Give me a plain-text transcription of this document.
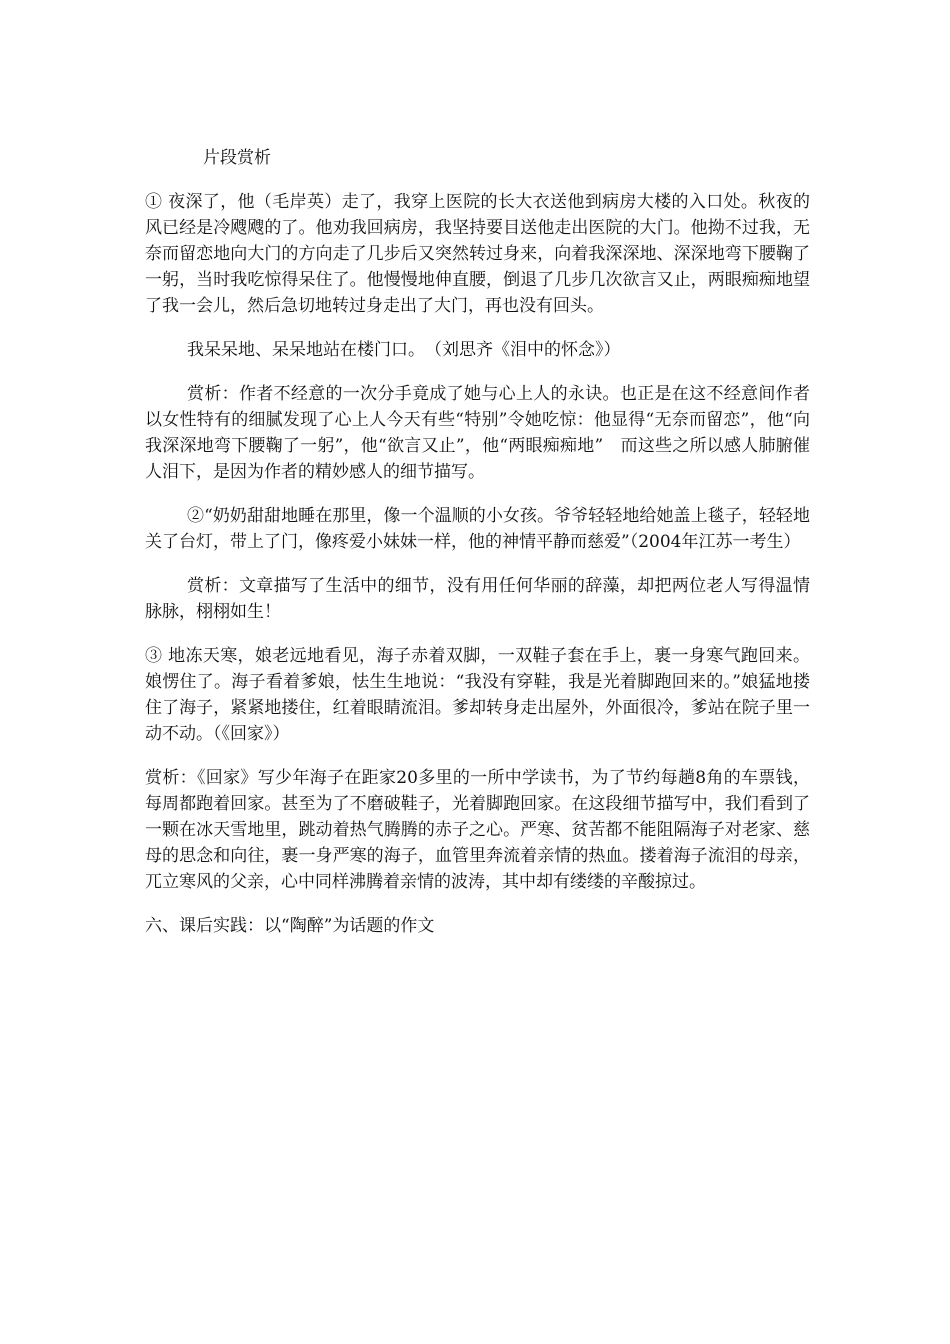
片段赏析

① 夜深了，他（毛岸英）走了，我穿上医院的长大衣送他到病房大楼的入口处。秋夜的风已经是冷飕飕的了。他劝我回病房，我坚持要目送他走出医院的大门。他拗不过我，无奈而留恋地向大门的方向走了几步后又突然转过身来，向着我深深地、深深地弯下腰鞠了一躬，当时我吃惊得呆住了。他慢慢地伸直腰，倒退了几步几次欲言又止，两眼痴痴地望了我一会儿，然后急切地转过身走出了大门，再也没有回头。

我呆呆地、呆呆地站在楼门口。　（刘思齐《泪中的怀念》）

赏析：作者不经意的一次分手竟成了她与心上人的永诀。也正是在这不经意间作者以女性特有的细腻发现了心上人今天有些“特别”令她吃惊：他显得“无奈而留恋”，他“向我深深地弯下腰鞠了一躬”，他“欲言又止”，他“两眼痴痴地”　而这些之所以感人肺腑催人泪下，是因为作者的精妙感人的细节描写。

②“奶奶甜甜地睡在那里，像一个温顺的小女孩。爷爷轻轻地给她盖上毯子，轻轻地关了台灯，带上了门，像疼爱小妹妹一样，他的神情平静而慈爱”（2004年江苏一考生）

赏析：文章描写了生活中的细节，没有用任何华丽的辞藻，却把两位老人写得温情脉脉，栩栩如生！

③ 地冻天寒，娘老远地看见，海子赤着双脚，一双鞋子套在手上，裹一身寒气跑回来。娘愣住了。海子看着爹娘，怯生生地说：“我没有穿鞋，我是光着脚跑回来的。”娘猛地搂住了海子，紧紧地搂住，红着眼睛流泪。爹却转身走出屋外，外面很冷，爹站在院子里一动不动。（《回家》）

赏析：《回家》写少年海子在距家20多里的一所中学读书，为了节约每趟8角的车票钱，每周都跑着回家。甚至为了不磨破鞋子，光着脚跑回家。在这段细节描写中，我们看到了一颗在冰天雪地里，跳动着热气腾腾的赤子之心。严寒、贫苦都不能阻隔海子对老家、慈母的思念和向往，裹一身严寒的海子，血管里奔流着亲情的热血。搂着海子流泪的母亲，兀立寒风的父亲，心中同样沸腾着亲情的波涛，其中却有缕缕的辛酸掠过。

六、课后实践：以“陶醉”为话题的作文
